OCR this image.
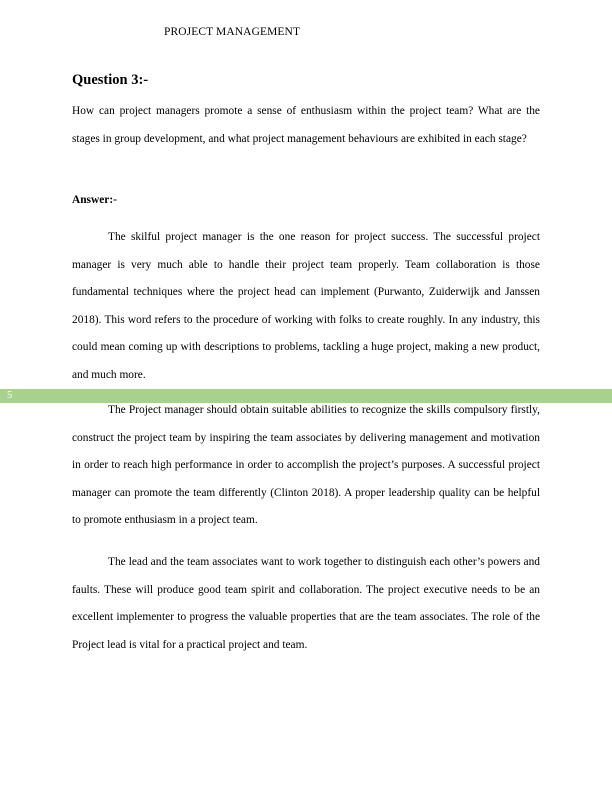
PROJECT MANAGEMENT
Question 3:-

How can project managers promote a sense of enthusiasm within the project team? What are the stages in group development, and what project management behaviours are exhibited in each stage?

Answer:-

The skilful project manager is the one reason for project success. The successful project manager is very much able to handle their project team properly. Team collaboration is those fundamental techniques where the project head can implement (Purwanto, Zuiderwijk and Janssen 2018). This word refers to the procedure of working with folks to create roughly. In any industry, this could mean coming up with descriptions to problems, tackling a huge project, making a new product, and much more.

5

The Project manager should obtain suitable abilities to recognize the skills compulsory firstly, construct the project team by inspiring the team associates by delivering management and motivation in order to reach high performance in order to accomplish the project’s purposes. A successful project manager can promote the team differently (Clinton 2018). A proper leadership quality can be helpful to promote enthusiasm in a project team.

The lead and the team associates want to work together to distinguish each other’s powers and faults. These will produce good team spirit and collaboration. The project executive needs to be an excellent implementer to progress the valuable properties that are the team associates. The role of the Project lead is vital for a practical project and team.
